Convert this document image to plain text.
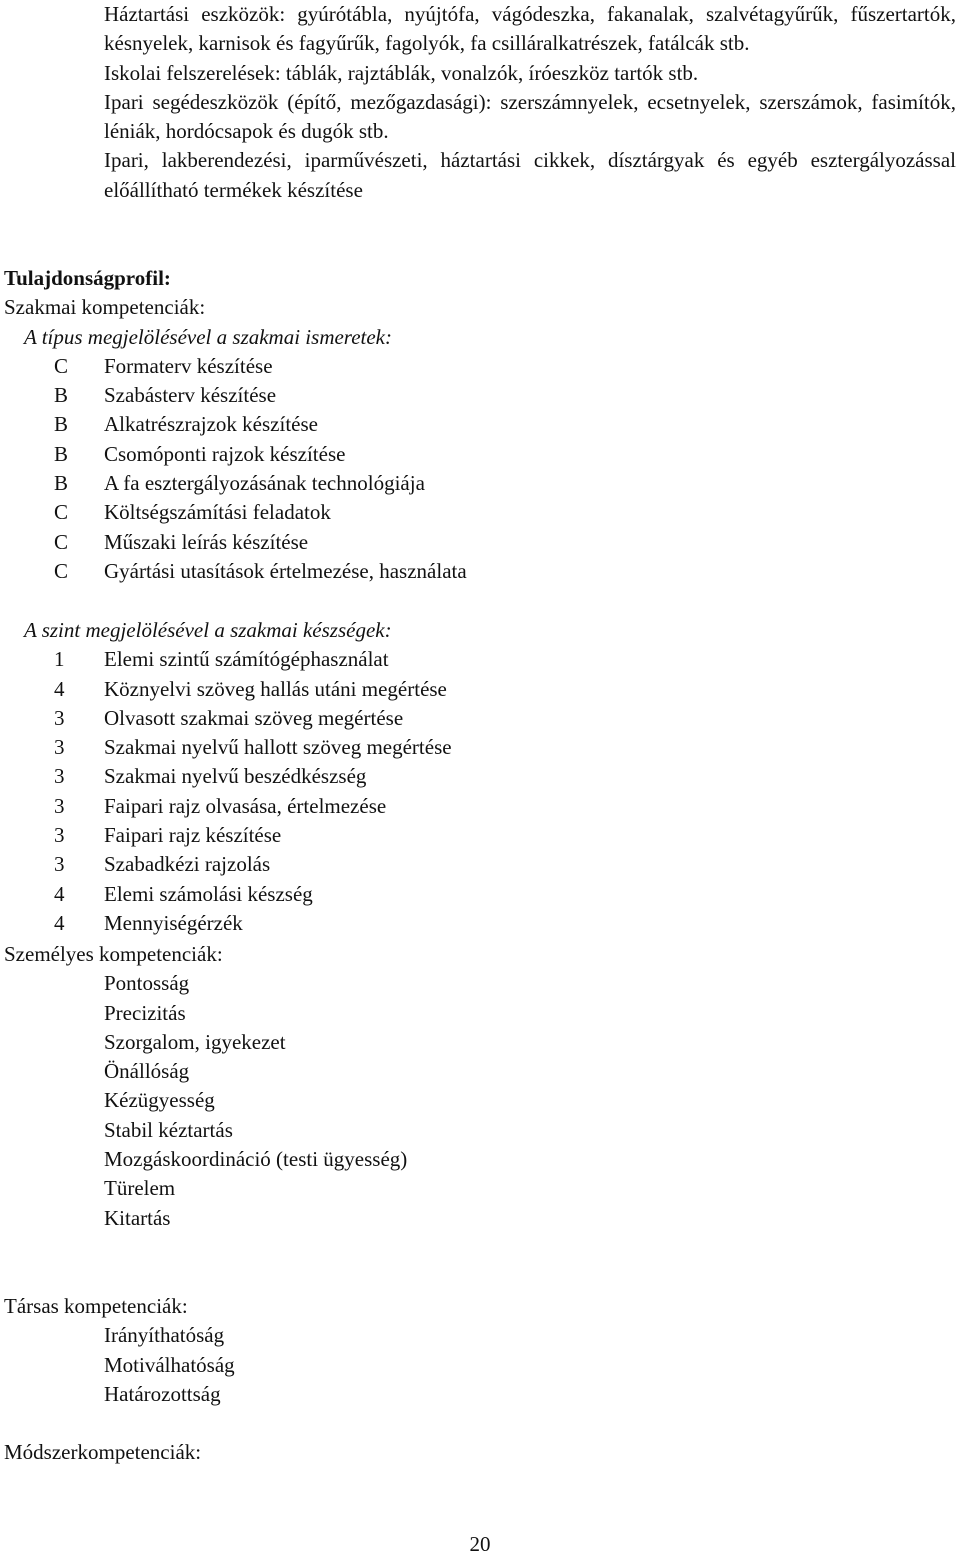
Háztartási eszközök: gyúrótábla, nyújtófa, vágódeszka, fakanalak, szalvétagyűrűk, fűszertartók, késnyelek, karnisok és fagyűrűk, fagolyók, fa csilláralkatrészek, fatálcák stb.

Iskolai felszerelések: táblák, rajztáblák, vonalzók, íróeszköz tartók stb.

Ipari segédeszközök (építő, mezőgazdasági): szerszámnyelek, ecsetnyelek, szerszámok, fasimítók, léniák, hordócsapok és dugók stb.

Ipari, lakberendezési, iparművészeti, háztartási cikkek, dísztárgyak és egyéb esztergályozással előállítható termékek készítése

Tulajdonságprofil:
Szakmai kompetenciák:
A típus megjelölésével a szakmai ismeretek:
C	Formaterv készítése
B	Szabásterv készítése
B	Alkatrészrajzok készítése
B	Csomóponti rajzok készítése
B	A fa esztergályozásának technológiája
C	Költségszámítási feladatok
C	Műszaki leírás készítése
C	Gyártási utasítások értelmezése, használata
A szint megjelölésével a szakmai készségek:
1	Elemi szintű számítógéphasználat
4	Köznyelvi szöveg hallás utáni megértése
3	Olvasott szakmai szöveg megértése
3	Szakmai nyelvű hallott szöveg megértése
3	Szakmai nyelvű beszédkészség
3	Faipari rajz olvasása, értelmezése
3	Faipari rajz készítése
3	Szabadkézi rajzolás
4	Elemi számolási készség
4	Mennyiségérzék
Személyes kompetenciák:
Pontosság
Precizitás
Szorgalom, igyekezet
Önállóság
Kézügyesség
Stabil kéztartás
Mozgáskoordináció (testi ügyesség)
Türelem
Kitartás
Társas kompetenciák:
Irányíthatóság
Motiválhatóság
Határozottság
Módszerkompetenciák:
20
